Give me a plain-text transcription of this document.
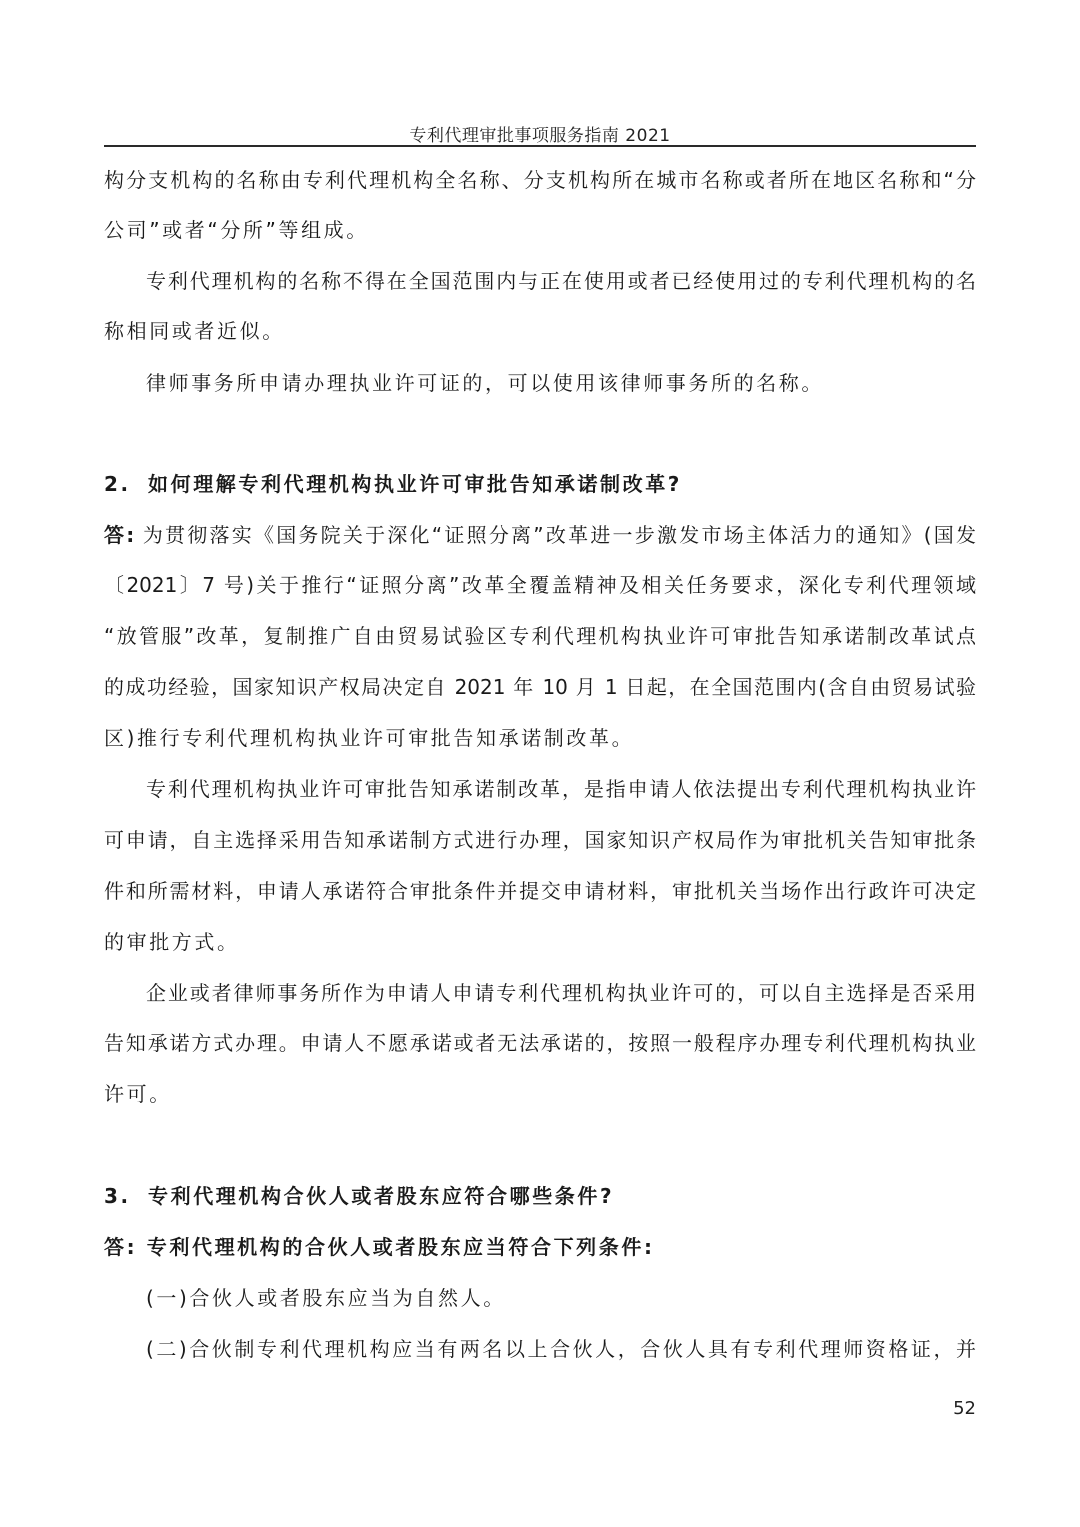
专利代理审批事项服务指南 2021
构分支机构的名称由专利代理机构全名称、分支机构所在城市名称或者所在地区名称和“分
公司”或者“分所”等组成。
专利代理机构的名称不得在全国范围内与正在使用或者已经使用过的专利代理机构的名
称相同或者近似。
律师事务所申请办理执业许可证的，可以使用该律师事务所的名称。
2. 如何理解专利代理机构执业许可审批告知承诺制改革?
答: 为贯彻落实《国务院关于深化“证照分离”改革进一步激发市场主体活力的通知》(国发
〔2021〕7 号)关于推行“证照分离”改革全覆盖精神及相关任务要求，深化专利代理领域
“放管服”改革，复制推广自由贸易试验区专利代理机构执业许可审批告知承诺制改革试点
的成功经验，国家知识产权局决定自 2021 年 10 月 1 日起，在全国范围内(含自由贸易试验
区)推行专利代理机构执业许可审批告知承诺制改革。
专利代理机构执业许可审批告知承诺制改革，是指申请人依法提出专利代理机构执业许
可申请，自主选择采用告知承诺制方式进行办理，国家知识产权局作为审批机关告知审批条
件和所需材料，申请人承诺符合审批条件并提交申请材料，审批机关当场作出行政许可决定
的审批方式。
企业或者律师事务所作为申请人申请专利代理机构执业许可的，可以自主选择是否采用
告知承诺方式办理。申请人不愿承诺或者无法承诺的，按照一般程序办理专利代理机构执业
许可。
3. 专利代理机构合伙人或者股东应符合哪些条件?
答: 专利代理机构的合伙人或者股东应当符合下列条件:
(一)合伙人或者股东应当为自然人。
(二)合伙制专利代理机构应当有两名以上合伙人，合伙人具有专利代理师资格证，并
52
